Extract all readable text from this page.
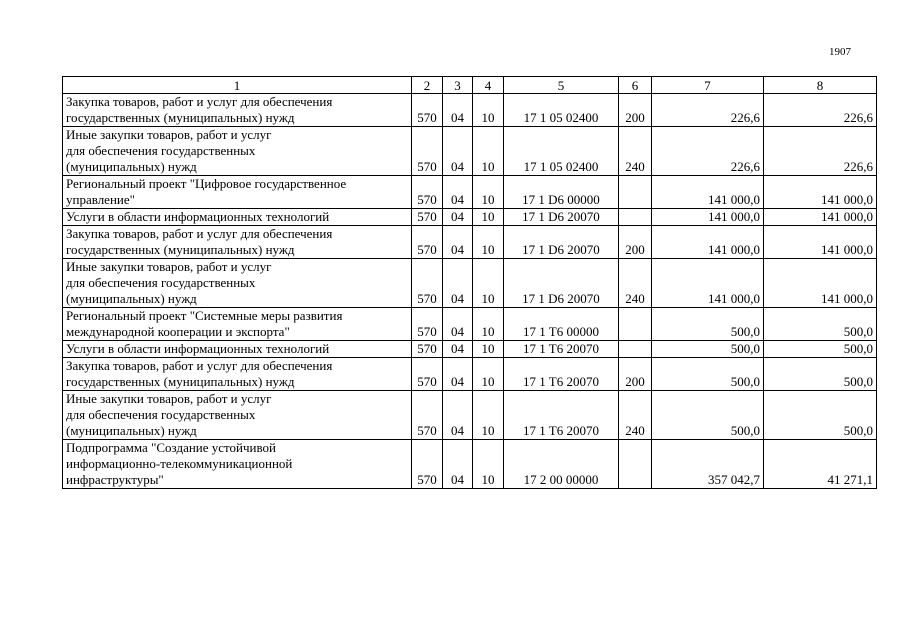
1907
1	2	3	4	5	6	7	8

Закупка товаров, работ и услуг для обеспечения
государственных (муниципальных) нужд	570	04	10	17 1 05 02400	200	226,6	226,6

Иные закупки товаров, работ и услуг
для обеспечения государственных
(муниципальных) нужд	570	04	10	17 1 05 02400	240	226,6	226,6

Региональный проект "Цифровое государственное
управление"	570	04	10	17 1 D6 00000		141 000,0	141 000,0

Услуги в области информационных технологий	570	04	10	17 1 D6 20070		141 000,0	141 000,0

Закупка товаров, работ и услуг для обеспечения
государственных (муниципальных) нужд	570	04	10	17 1 D6 20070	200	141 000,0	141 000,0

Иные закупки товаров, работ и услуг
для обеспечения государственных
(муниципальных) нужд	570	04	10	17 1 D6 20070	240	141 000,0	141 000,0

Региональный проект "Системные меры развития
международной кооперации и экспорта"	570	04	10	17 1 T6 00000		500,0	500,0

Услуги в области информационных технологий	570	04	10	17 1 T6 20070		500,0	500,0

Закупка товаров, работ и услуг для обеспечения
государственных (муниципальных) нужд	570	04	10	17 1 T6 20070	200	500,0	500,0

Иные закупки товаров, работ и услуг
для обеспечения государственных
(муниципальных) нужд	570	04	10	17 1 T6 20070	240	500,0	500,0

Подпрограмма "Создание устойчивой
информационно-телекоммуникационной
инфраструктуры"	570	04	10	17 2 00 00000		357 042,7	41 271,1
